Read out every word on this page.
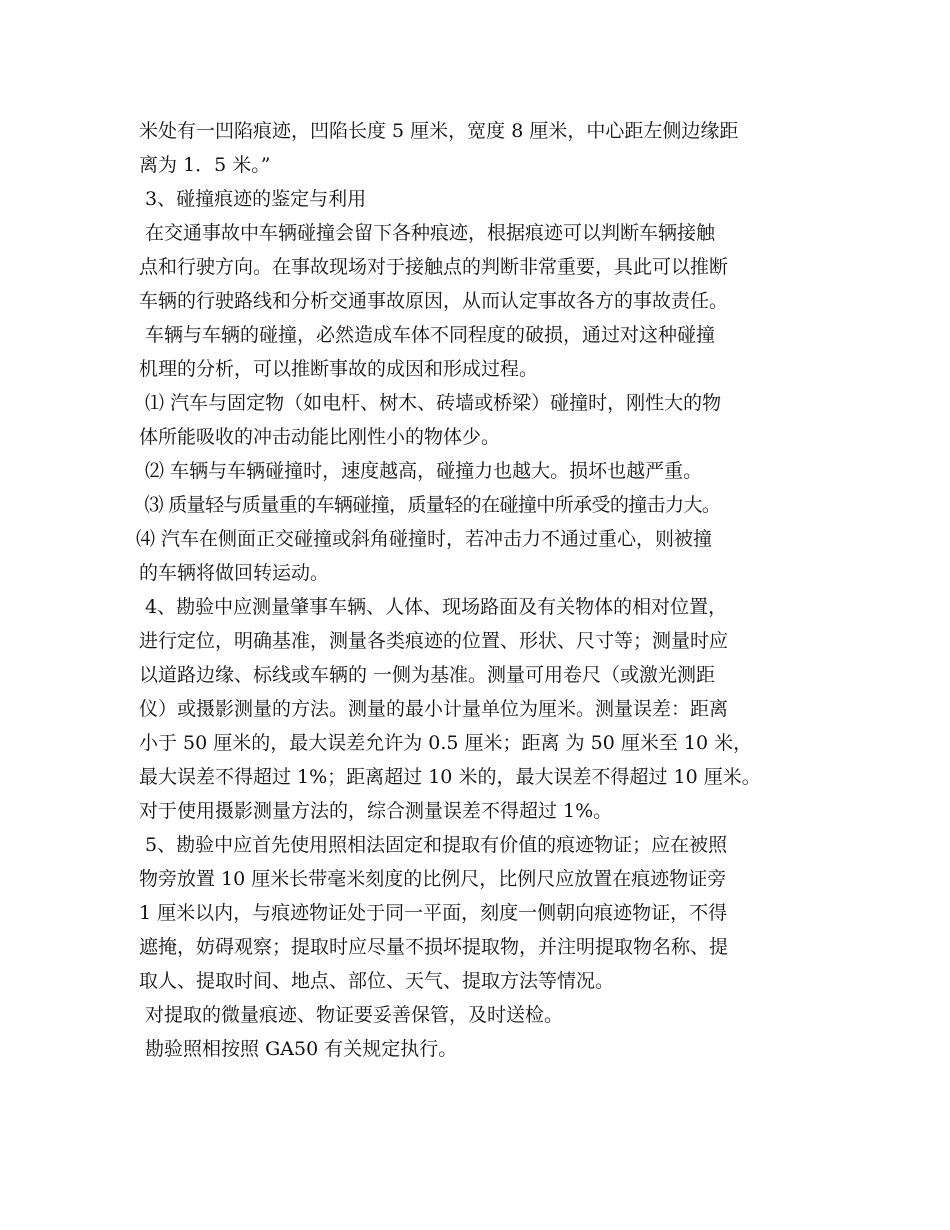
米处有一凹陷痕迹，凹陷长度 5 厘米，宽度 8 厘米，中心距左侧边缘距
离为 1．5 米。”
3、碰撞痕迹的鉴定与利用
在交通事故中车辆碰撞会留下各种痕迹，根据痕迹可以判断车辆接触
点和行驶方向。在事故现场对于接触点的判断非常重要，具此可以推断
车辆的行驶路线和分析交通事故原因，从而认定事故各方的事故责任。
车辆与车辆的碰撞，必然造成车体不同程度的破损，通过对这种碰撞
机理的分析，可以推断事故的成因和形成过程。
⑴ 汽车与固定物（如电杆、树木、砖墙或桥梁）碰撞时，刚性大的物
体所能吸收的冲击动能比刚性小的物体少。
⑵ 车辆与车辆碰撞时，速度越高，碰撞力也越大。损坏也越严重。
⑶ 质量轻与质量重的车辆碰撞，质量轻的在碰撞中所承受的撞击力大。
⑷ 汽车在侧面正交碰撞或斜角碰撞时，若冲击力不通过重心，则被撞
的车辆将做回转运动。
4、勘验中应测量肇事车辆、人体、现场路面及有关物体的相对位置，
进行定位，明确基准，测量各类痕迹的位置、形状、尺寸等；测量时应
以道路边缘、标线或车辆的 一侧为基准。测量可用卷尺（或激光测距
仪）或摄影测量的方法。测量的最小计量单位为厘米。测量误差：距离
小于 50 厘米的，最大误差允许为 0.5 厘米；距离 为 50 厘米至 10 米，
最大误差不得超过 1%；距离超过 10 米的，最大误差不得超过 10 厘米。
对于使用摄影测量方法的，综合测量误差不得超过 1%。
5、勘验中应首先使用照相法固定和提取有价值的痕迹物证；应在被照
物旁放置 10 厘米长带毫米刻度的比例尺，比例尺应放置在痕迹物证旁
1 厘米以内，与痕迹物证处于同一平面，刻度一侧朝向痕迹物证，不得
遮掩，妨碍观察；提取时应尽量不损坏提取物，并注明提取物名称、提
取人、提取时间、地点、部位、天气、提取方法等情况。
对提取的微量痕迹、物证要妥善保管，及时送检。
勘验照相按照 GA50 有关规定执行。
